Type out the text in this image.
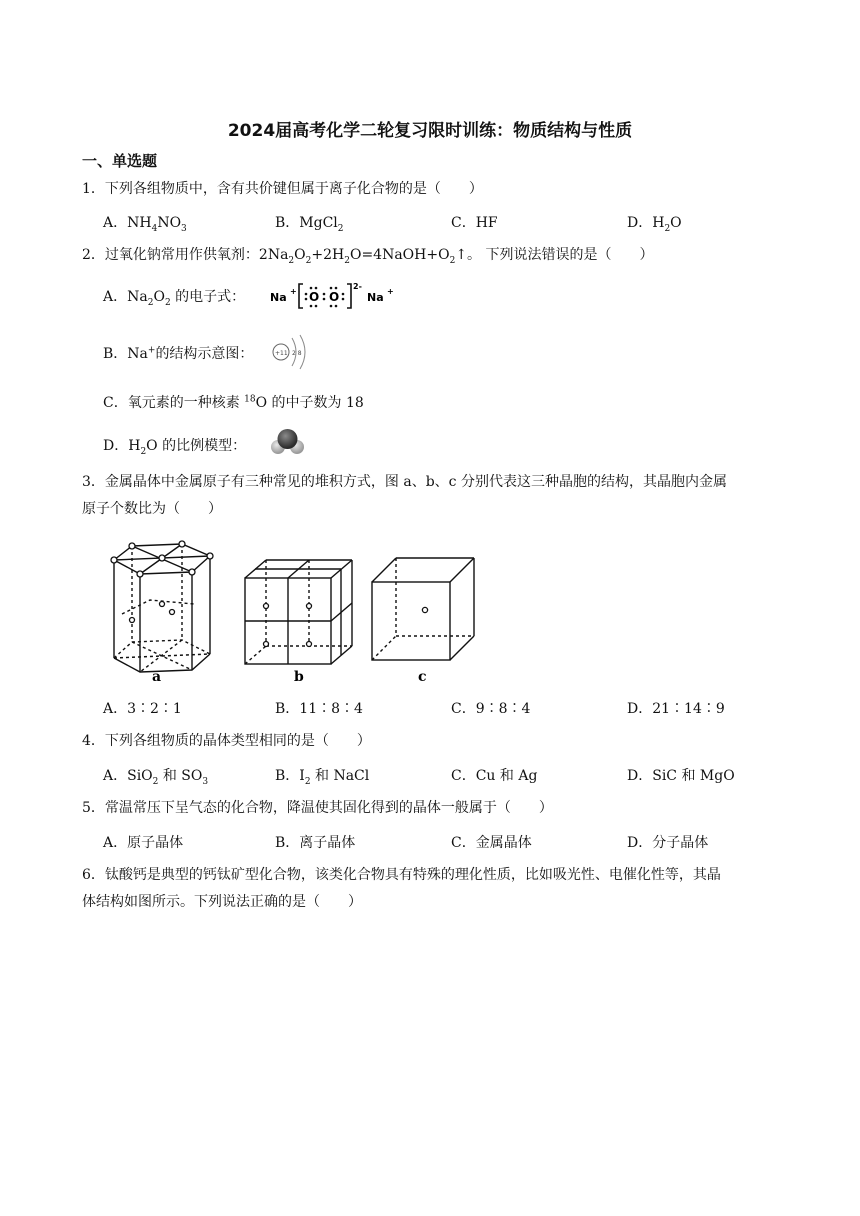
2024届高考化学二轮复习限时训练：物质结构与性质
一、单选题
1．下列各组物质中，含有共价键但属于离子化合物的是（　　）
A．$NH_4NO_3$	B．MgCl$_2$	C．HF	D．$H_2O$
2．过氧化钠常用作供氧剂：$2Na_2O_2+2H_2O=4NaOH+O_2↑$。 下列说法错误的是（　　）
A．$Na_2O_2$ 的电子式： Na + O O
2-
Na +
B．Na+的结构示意图：	+11 2 8
C．氧元素的一种核素 $^{18}$O 的中子数为 18
D．$H_2O$ 的比例模型：
3．金属晶体中金属原子有三种常见的堆积方式，图 a、b、c 分别代表这三种晶胞的结构，其晶胞内金属
原子个数比为（　　）
a	b	c
A．3∶2∶1	B．11∶8∶4	C．9∶8∶4	D．21∶14∶9
4．下列各组物质的晶体类型相同的是（　　）
A．SiO$_2$ 和 $SO_3$	B．$I_2$ 和 NaCl	C．Cu 和 Ag	D．SiC 和 MgO
5．常温常压下呈气态的化合物，降温使其固化得到的晶体一般属于（　　）
A．原子晶体	B．离子晶体	C．金属晶体	D．分子晶体
6．钛酸钙是典型的钙钛矿型化合物，该类化合物具有特殊的理化性质，比如吸光性、电催化性等，其晶
体结构如图所示。下列说法正确的是（　　）
